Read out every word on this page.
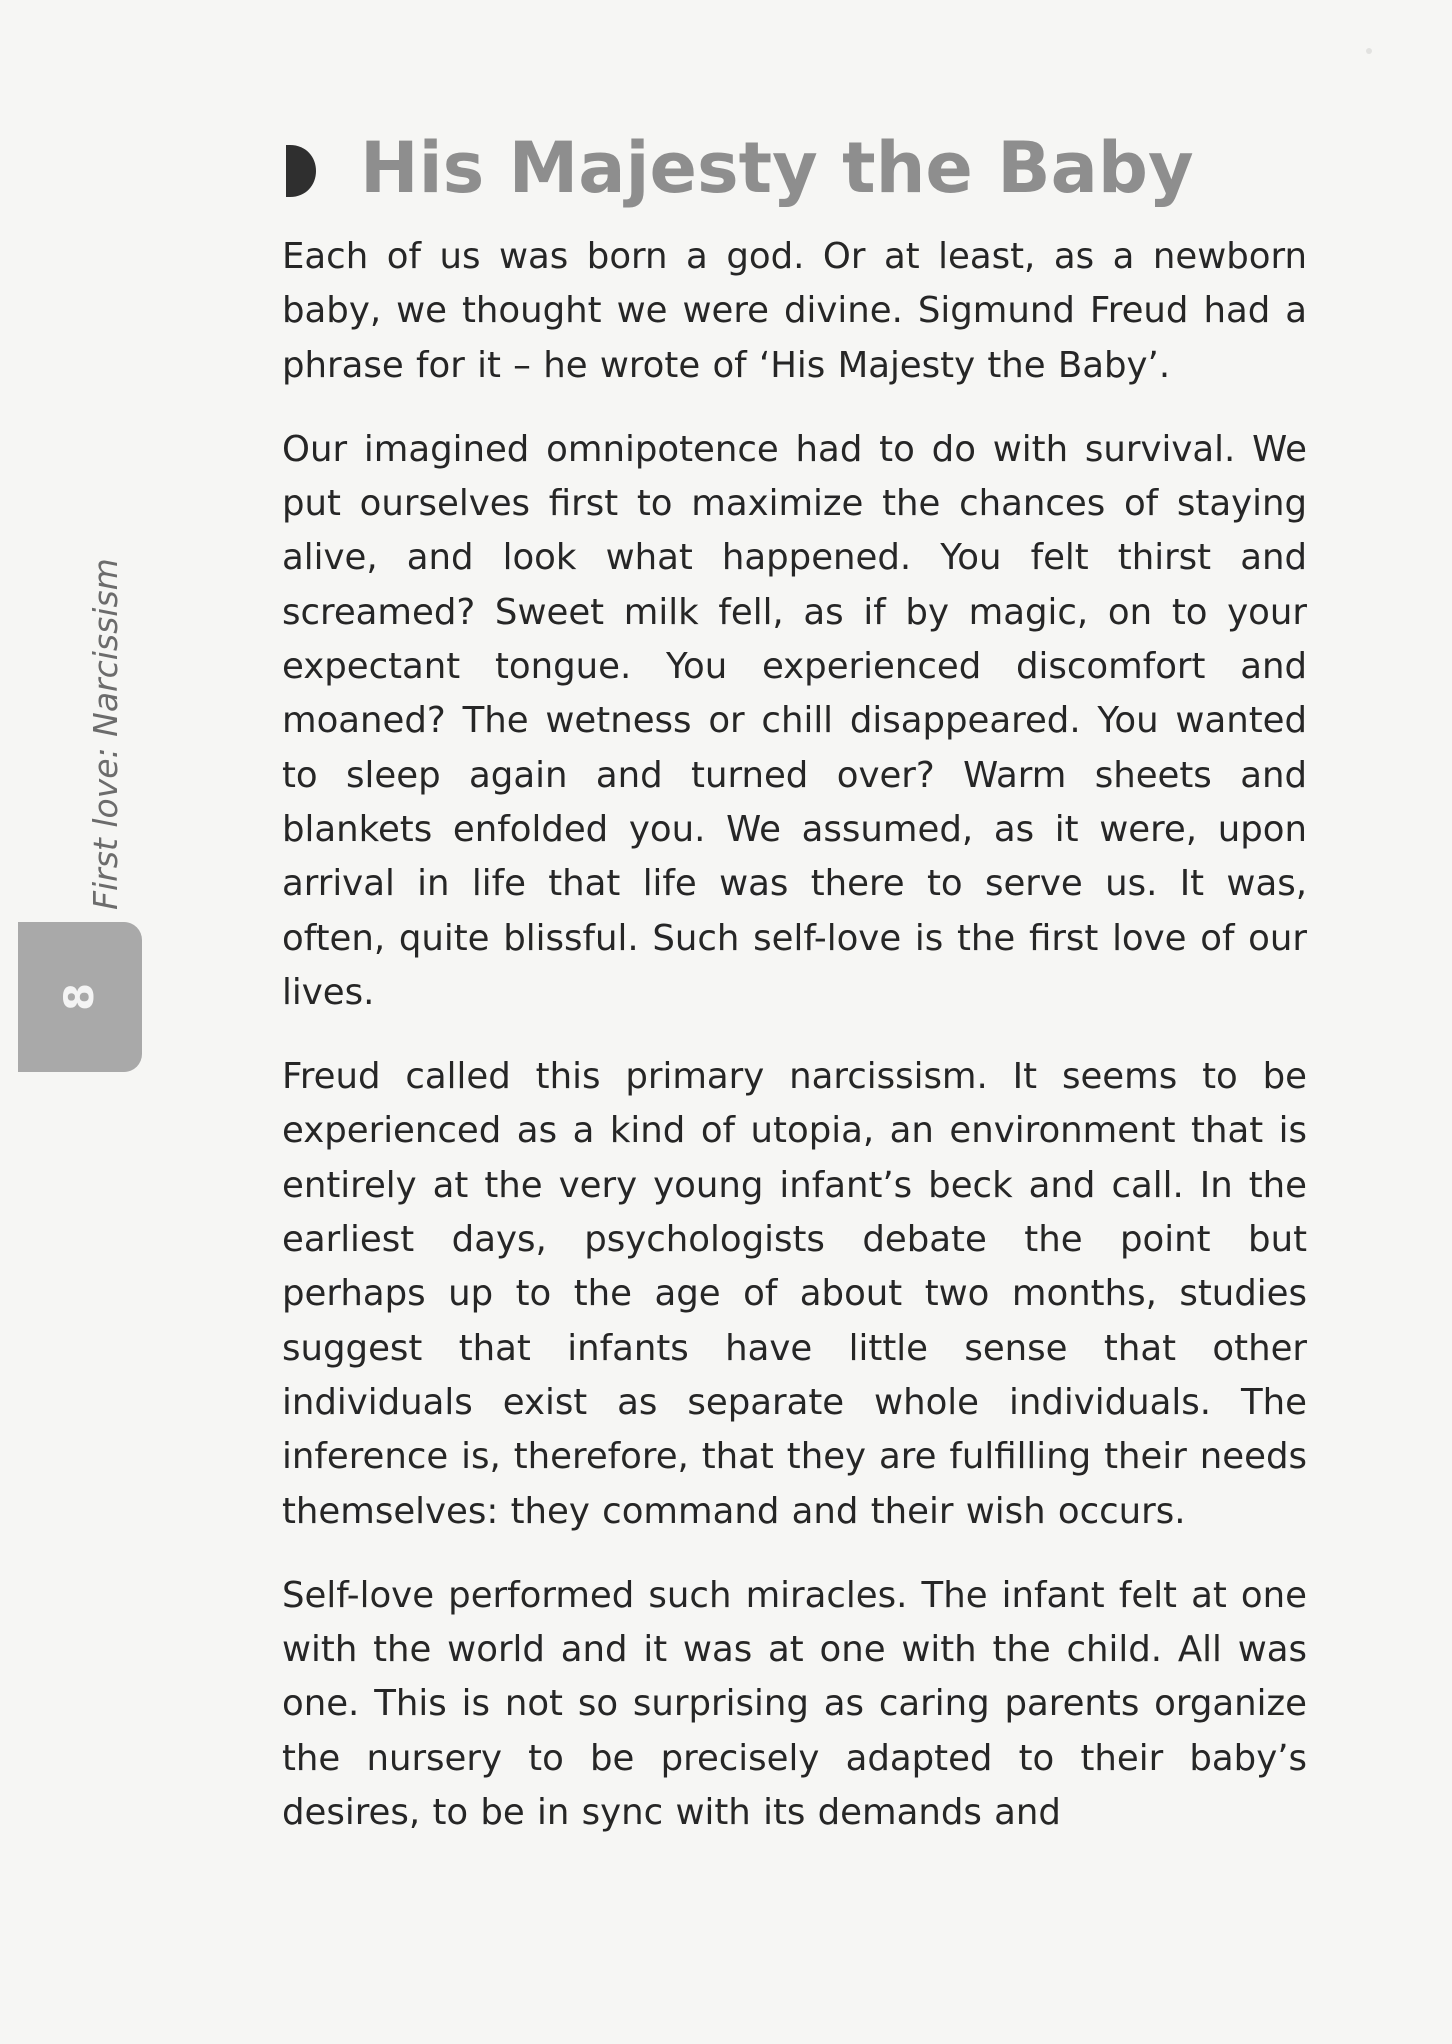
His Majesty the Baby

Each of us was born a god. Or at least, as a newborn baby, we thought we were divine. Sigmund Freud had a phrase for it – he wrote of ‘His Majesty the Baby’.

Our imagined omnipotence had to do with survival. We put ourselves first to maximize the chances of staying alive, and look what happened. You felt thirst and screamed? Sweet milk fell, as if by magic, on to your expectant tongue. You experienced discomfort and moaned? The wetness or chill disappeared. You wanted to sleep again and turned over? Warm sheets and blankets enfolded you. We assumed, as it were, upon arrival in life that life was there to serve us. It was, often, quite blissful. Such self-love is the first love of our lives.

Freud called this primary narcissism. It seems to be experienced as a kind of utopia, an environment that is entirely at the very young infant’s beck and call. In the earliest days, psychologists debate the point but perhaps up to the age of about two months, studies suggest that infants have little sense that other individuals exist as separate whole individuals. The inference is, therefore, that they are fulfilling their needs themselves: they command and their wish occurs.

Self-love performed such miracles. The infant felt at one with the world and it was at one with the child. All was one. This is not so surprising as caring parents organize the nursery to be precisely adapted to their baby’s desires, to be in sync with its demands and

8
First love: Narcissism
